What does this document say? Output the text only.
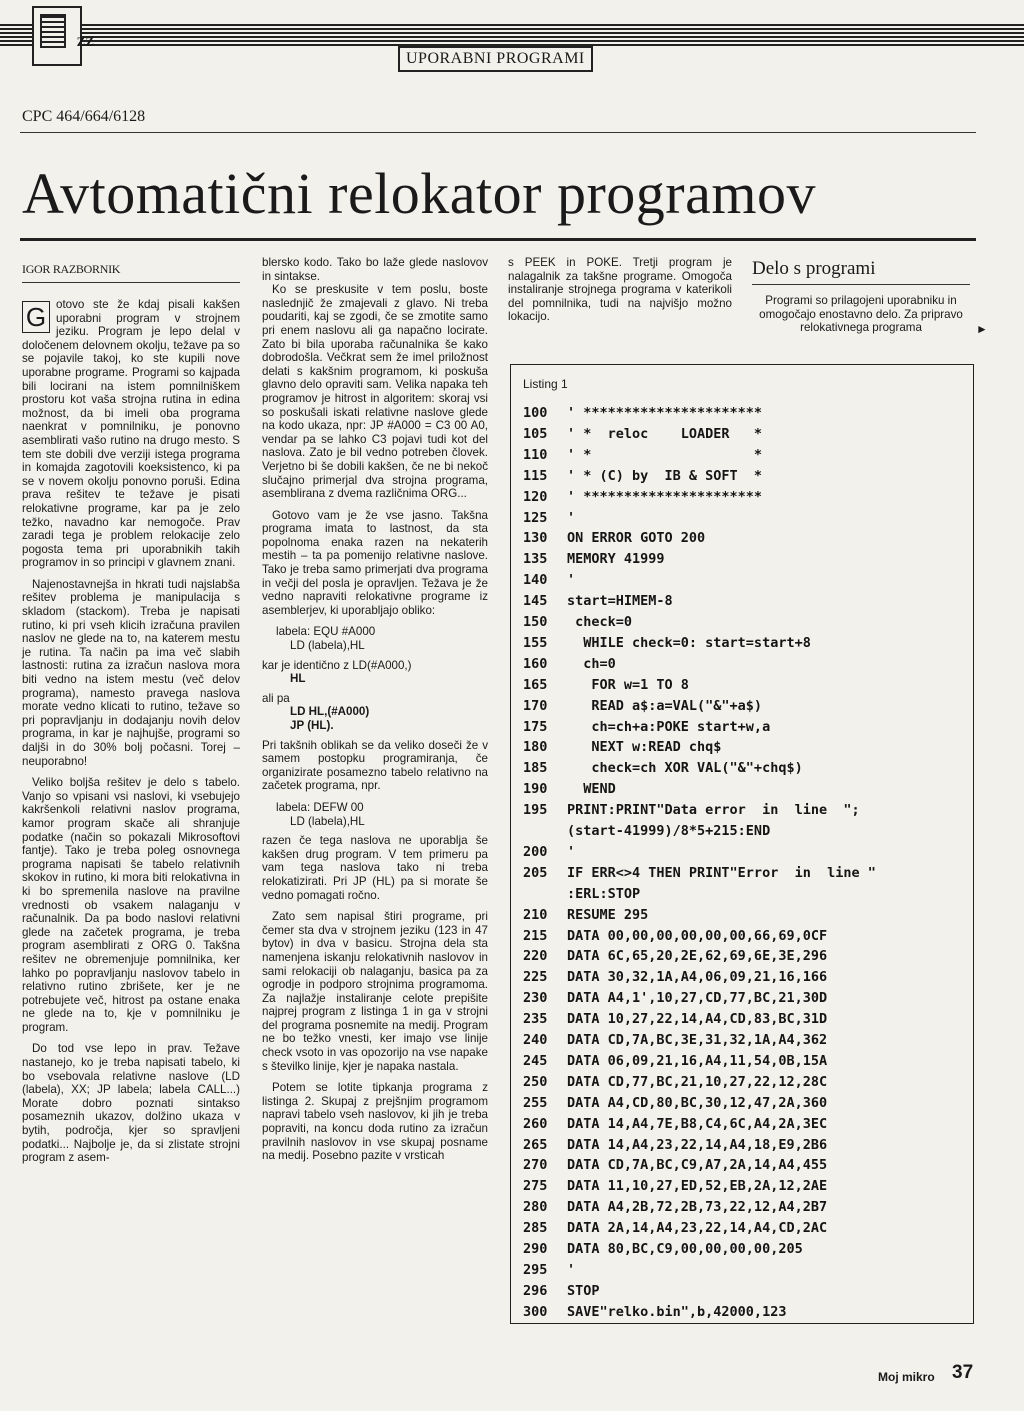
ZZ
UPORABNI PROGRAMI
CPC 464/664/6128
Avtomatični relokator programov
IGOR RAZBORNIK

G otovo ste že kdaj pisali kakšen uporabni program v strojnem jeziku. Program je lepo delal v določenem delovnem okolju, težave pa so se pojavile takoj, ko ste kupili nove uporabne programe. Programi so kajpada bili locirani na istem pomnilniškem prostoru kot vaša strojna rutina in edina možnost, da bi imeli oba programa naenkrat v pomnilniku, je ponovno asemblirati vašo rutino na drugo mesto. S tem ste dobili dve verziji istega programa in komajda zagotovili koeksistenco, ki pa se v novem okolju ponovno poruši. Edina prava rešitev te težave je pisati relokativne programe, kar pa je zelo težko, navadno kar nemogoče. Prav zaradi tega je problem relokacije zelo pogosta tema pri uporabnikih takih programov in so principi v glavnem znani.

Najenostavnejša in hkrati tudi najslabša rešitev problema je manipulacija s skladom (stackom). Treba je napisati rutino, ki pri vseh klicih izračuna pravilen naslov ne glede na to, na katerem mestu je rutina. Ta način pa ima več slabih lastnosti: rutina za izračun naslova mora biti vedno na istem mestu (več delov programa), namesto pravega naslova morate vedno klicati to rutino, težave so pri popravljanju in dodajanju novih delov programa, in kar je najhujše, programi so daljši in do 30% bolj počasni. Torej – neuporabno!

Veliko boljša rešitev je delo s tabelo. Vanjo so vpisani vsi naslovi, ki vsebujejo kakršenkoli relativni naslov programa, kamor program skače ali shranjuje podatke (način so pokazali Mikrosoftovi fantje). Tako je treba poleg osnovnega programa napisati še tabelo relativnih skokov in rutino, ki mora biti relokativna in ki bo spremenila naslove na pravilne vrednosti ob vsakem nalaganju v računalnik. Da pa bodo naslovi relativni glede na začetek programa, je treba program asemblirati z ORG 0. Takšna rešitev ne obremenjuje pomnilnika, ker lahko po popravljanju naslovov tabelo in relativno rutino zbrišete, ker je ne potrebujete več, hitrost pa ostane enaka ne glede na to, kje v pomnilniku je program.

Do tod vse lepo in prav. Težave nastanejo, ko je treba napisati tabelo, ki bo vsebovala relativne naslove (LD (labela), XX; JP labela; labela CALL...) Morate dobro poznati sintakso posameznih ukazov, dolžino ukaza v bytih, področja, kjer so spravljeni podatki... Najbolje je, da si zlistate strojni program z asem-

blersko kodo. Tako bo laže glede naslovov in sintakse.

Ko se preskusite v tem poslu, boste naslednjič že zmajevali z glavo. Ni treba poudariti, kaj se zgodi, če se zmotite samo pri enem naslovu ali ga napačno locirate. Zato bi bila uporaba računalnika še kako dobrodošla. Večkrat sem že imel priložnost delati s kakšnim programom, ki poskuša glavno delo opraviti sam. Velika napaka teh programov je hitrost in algoritem: skoraj vsi so poskušali iskati relativne naslove glede na kodo ukaza, npr: JP #A000 = C3 00 A0, vendar pa se lahko C3 pojavi tudi kot del naslova. Zato je bil vedno potreben človek. Verjetno bi še dobili kakšen, če ne bi nekoč slučajno primerjal dva strojna programa, asemblirana z dvema različnima ORG...

Gotovo vam je že vse jasno. Takšna programa imata to lastnost, da sta popolnoma enaka razen na nekaterih mestih – ta pa pomenijo relativne naslove. Tako je treba samo primerjati dva programa in večji del posla je opravljen. Težava je že vedno napraviti relokativne programe iz asemblerjev, ki uporabljajo obliko:

labela: EQU #A000
LD (labela),HL
kar je identično z LD(#A000,)
HL
ali pa
LD HL,(#A000)
JP (HL).

Pri takšnih oblikah se da veliko doseči že v samem postopku programiranja, če organizirate posamezno tabelo relativno na začetek programa, npr.

labela: DEFW 00
LD (labela),HL

razen če tega naslova ne uporablja še kakšen drug program. V tem primeru pa vam tega naslova tako ni treba relokatizirati. Pri JP (HL) pa si morate še vedno pomagati ročno.

Zato sem napisal štiri programe, pri čemer sta dva v strojnem jeziku (123 in 47 bytov) in dva v basicu. Strojna dela sta namenjena iskanju relokativnih naslovov in sami relokaciji ob nalaganju, basica pa za ogrodje in podporo strojnima programoma. Za najlažje instaliranje celote prepišite najprej program z listinga 1 in ga v strojni del programa posnemite na medij. Program ne bo težko vnesti, ker imajo vse linije check vsoto in vas opozorijo na vse napake s številko linije, kjer je napaka nastala.

Potem se lotite tipkanja programa z listinga 2. Skupaj z prejšnjim programom napravi tabelo vseh naslovov, ki jih je treba popraviti, na koncu doda rutino za izračun pravilnih naslovov in vse skupaj posname na medij. Posebno pazite v vrsticah

s PEEK in POKE. Tretji program je nalagalnik za takšne programe. Omogoča instaliranje strojnega programa v katerikoli del pomnilnika, tudi na najvišjo možno lokacijo.

Delo s programi
Programi so prilagojeni uporabniku in omogočajo enostavno delo. Za pripravo relokativnega programa	►
Listing 1
100 ' **********************
105 ' *  reloc    LOADER   *
110 ' *                    *
115 ' * (C) by  IB & SOFT  *
120 ' **********************
125 '
130 ON ERROR GOTO 200
135 MEMORY 41999
140 '
145 start=HIMEM-8
150 check=0
155  WHILE check=0: start=start+8
160  ch=0
165   FOR w=1 TO 8
170   READ a$:a=VAL("&"+a$)
175   ch=ch+a:POKE start+w,a
180   NEXT w:READ chq$
185   check=ch XOR VAL("&"+chq$)
190  WEND
195 PRINT:PRINT"Data error  in  line  ";
(start-41999)/8*5+215:END
200 '
205 IF ERR<>4 THEN PRINT"Error  in  line "
:ERL:STOP
210 RESUME 295
215 DATA 00,00,00,00,00,00,66,69,0CF
220 DATA 6C,65,20,2E,62,69,6E,3E,296
225 DATA 30,32,1A,A4,06,09,21,16,166
230 DATA A4,1',10,27,CD,77,BC,21,30D
235 DATA 10,27,22,14,A4,CD,83,BC,31D
240 DATA CD,7A,BC,3E,31,32,1A,A4,362
245 DATA 06,09,21,16,A4,11,54,0B,15A
250 DATA CD,77,BC,21,10,27,22,12,28C
255 DATA A4,CD,80,BC,30,12,47,2A,360
260 DATA 14,A4,7E,B8,C4,6C,A4,2A,3EC
265 DATA 14,A4,23,22,14,A4,18,E9,2B6
270 DATA CD,7A,BC,C9,A7,2A,14,A4,455
275 DATA 11,10,27,ED,52,EB,2A,12,2AE
280 DATA A4,2B,72,2B,73,22,12,A4,2B7
285 DATA 2A,14,A4,23,22,14,A4,CD,2AC
290 DATA 80,BC,C9,00,00,00,00,205
295 '
296 STOP
300 SAVE"relko.bin",b,42000,123
Moj mikro 37
